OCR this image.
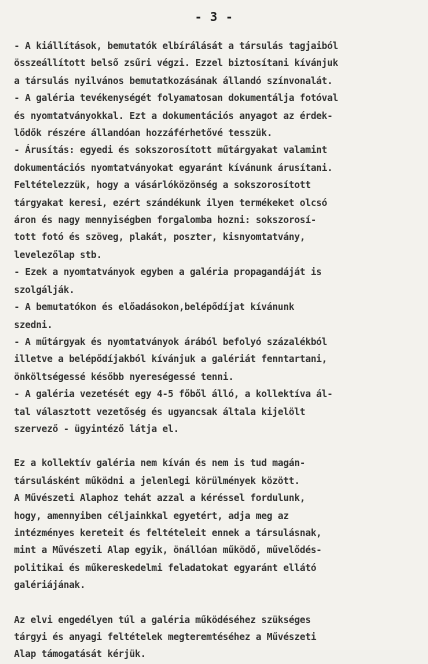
- 3 -
- A kiállítások, bemutatók elbírálását a társulás tagjaiból
összeállított belső zsűri végzi. Ezzel biztosítani kívánjuk
a társulás nyilvános bemutatkozásának állandó színvonalát.
- A galéria tevékenységét folyamatosan dokumentálja fotóval
és nyomtatványokkal. Ezt a dokumentációs anyagot az érdek-
lődők részére állandóan hozzáférhetővé tesszük.
- Árusítás: egyedi és sokszorosított műtárgyakat valamint
dokumentációs nyomtatványokat egyaránt kívánunk árusítani.
Feltételezzük, hogy a vásárlóközönség a sokszorosított
tárgyakat keresi, ezért szándékunk ilyen termékeket olcsó
áron és nagy mennyiségben forgalomba hozni: sokszorosí-
tott fotó és szöveg, plakát, poszter, kisnyomtatvány,
levelezőlap stb.
- Ezek a nyomtatványok egyben a galéria propagandáját is
szolgálják.
- A bemutatókon és előadásokon,belépődíjat kívánunk
szedni.
- A műtárgyak és nyomtatványok árából befolyó százalékból
illetve a belépődíjakból kívánjuk a galériát fenntartani,
önköltségessé később nyereségessé tenni.
- A galéria vezetését egy 4-5 főből álló, a kollektíva ál-
tal választott vezetőség és ugyancsak általa kijelölt
szervező - ügyintéző látja el.
Ez a kollektív galéria nem kíván és nem is tud magán-
társulásként működni a jelenlegi körülmények között.
A Művészeti Alaphoz tehát azzal a kéréssel fordulunk,
hogy, amennyiben céljainkkal egyetért, adja meg az
intézményes kereteit és feltételeit ennek a társulásnak,
mint a Művészeti Alap egyik, önállóan működő, művelődés-
politikai és műkereskedelmi feladatokat egyaránt ellátó
galériájának.
Az elvi engedélyen túl a galéria működéséhez szükséges
tárgyi és anyagi feltételek megteremtéséhez a Művészeti
Alap támogatását kérjük.
